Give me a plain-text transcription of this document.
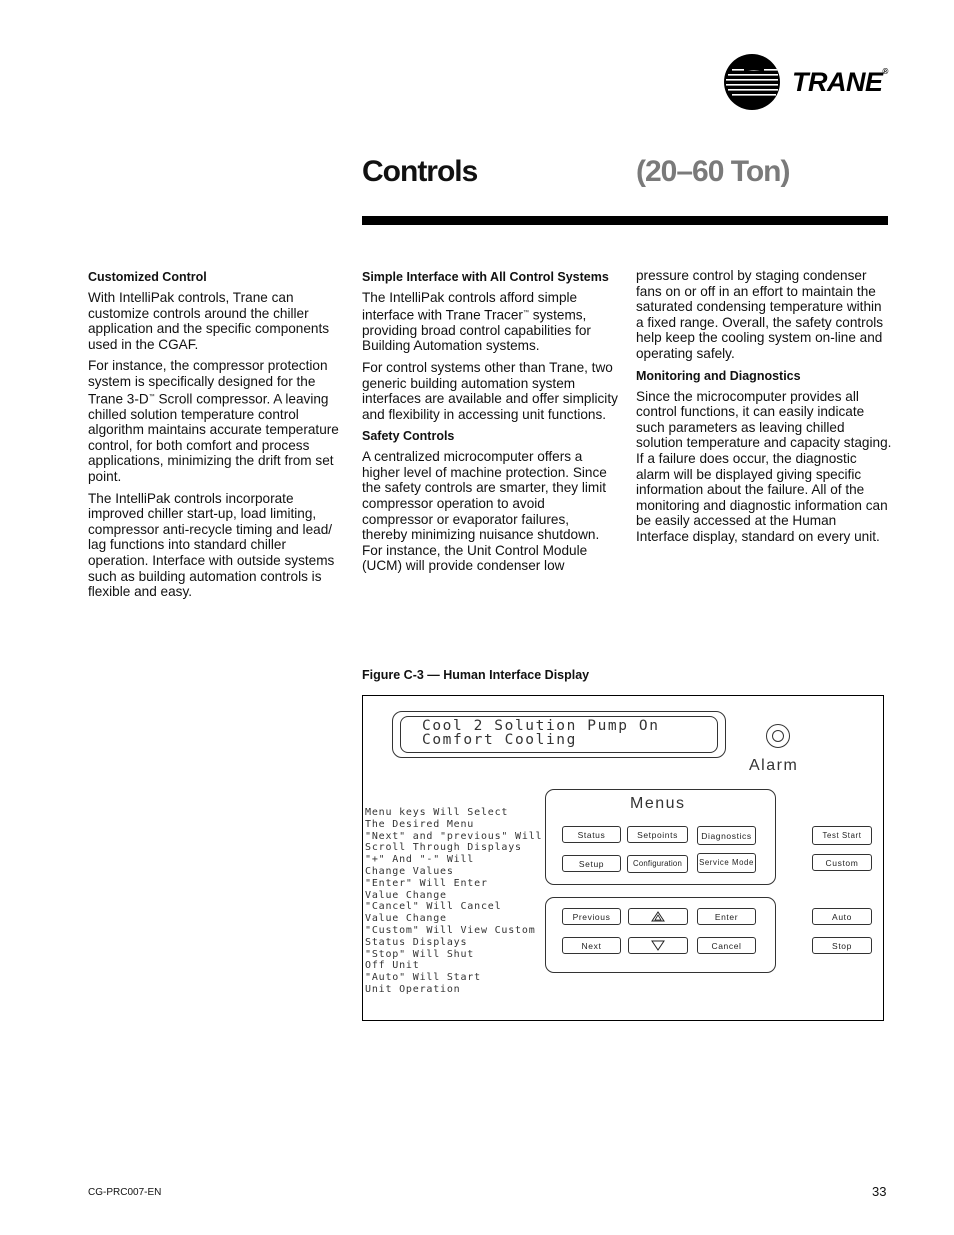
TRANE®
Controls	(20–60 Ton)
Customized Control

With IntelliPak controls, Trane can customize controls around the chiller application and the specific components used in the CGAF.

For instance, the compressor protection system is specifically designed for the Trane 3-D™ Scroll compressor. A leaving chilled solution temperature control algorithm maintains accurate temperature control, for both comfort and process applications, minimizing the drift from set point.

The IntelliPak controls incorporate improved chiller start-up, load limiting, compressor anti-recycle timing and lead/ lag functions into standard chiller operation. Interface with outside systems such as building automation controls is flexible and easy.

Simple Interface with All Control Systems

The IntelliPak controls afford simple interface with Trane Tracer™ systems, providing broad control capabilities for Building Automation systems.

For control systems other than Trane, two generic building automation system interfaces are available and offer simplicity and flexibility in accessing unit functions.

Safety Controls

A centralized microcomputer offers a higher level of machine protection. Since the safety controls are smarter, they limit compressor operation to avoid compressor or evaporator failures, thereby minimizing nuisance shutdown. For instance, the Unit Control Module (UCM) will provide condenser low

pressure control by staging condenser fans on or off in an effort to maintain the saturated condensing temperature within a fixed range. Overall, the safety controls help keep the cooling system on-line and operating safely.

Monitoring and Diagnostics

Since the microcomputer provides all control functions, it can easily indicate such parameters as leaving chilled solution temperature and capacity staging. If a failure does occur, the diagnostic alarm will be displayed giving specific information about the failure. All of the monitoring and diagnostic information can be easily accessed at the Human Interface display, standard on every unit.

Figure C-3 — Human Interface Display
Cool 2 Solution Pump On
Comfort Cooling
Alarm
Menu keys Will Select
The Desired Menu
"Next" and "previous" Will
Scroll Through Displays
"+" And "-" Will
Change Values
"Enter" Will Enter
Value Change
"Cancel" Will Cancel
Value Change
"Custom" Will View Custom
Status Displays
"Stop" Will Shut
Off Unit
"Auto" Will Start
Unit Operation
Menus
Status	Setpoints	Diagnostics
Setup	Configuration	Service Mode
Test Start
Custom
Previous	Enter
Next	Cancel
Auto
Stop
CG-PRC007-EN	33
